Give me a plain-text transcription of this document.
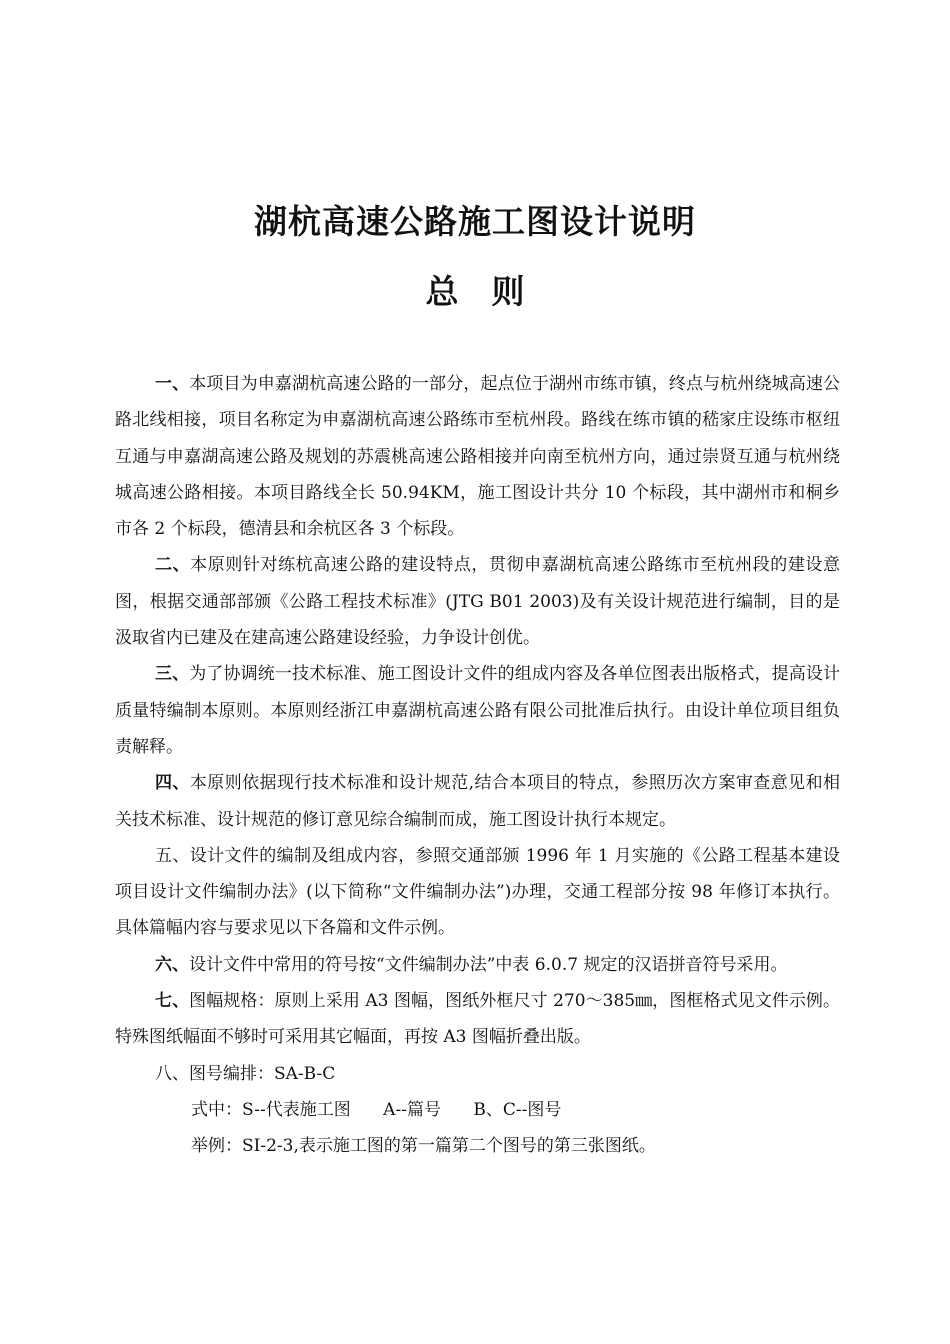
湖杭高速公路施工图设计说明
总　则

一、本项目为申嘉湖杭高速公路的一部分，起点位于湖州市练市镇，终点与杭州绕城高速公路北线相接，项目名称定为申嘉湖杭高速公路练市至杭州段。路线在练市镇的嵇家庄设练市枢纽互通与申嘉湖高速公路及规划的苏震桃高速公路相接并向南至杭州方向，通过崇贤互通与杭州绕城高速公路相接。本项目路线全长 50.94KM，施工图设计共分 10 个标段，其中湖州市和桐乡市各 2 个标段，德清县和余杭区各 3 个标段。

二、本原则针对练杭高速公路的建设特点，贯彻申嘉湖杭高速公路练市至杭州段的建设意图，根据交通部部颁《公路工程技术标准》(JTG B01 2003)及有关设计规范进行编制，目的是汲取省内已建及在建高速公路建设经验，力争设计创优。

三、为了协调统一技术标准、施工图设计文件的组成内容及各单位图表出版格式，提高设计质量特编制本原则。本原则经浙江申嘉湖杭高速公路有限公司批准后执行。由设计单位项目组负责解释。

四、本原则依据现行技术标准和设计规范,结合本项目的特点，参照历次方案审查意见和相关技术标准、设计规范的修订意见综合编制而成，施工图设计执行本规定。

五、设计文件的编制及组成内容，参照交通部颁 1996 年 1 月实施的《公路工程基本建设项目设计文件编制办法》(以下简称“文件编制办法”)办理，交通工程部分按 98 年修订本执行。具体篇幅内容与要求见以下各篇和文件示例。

六、设计文件中常用的符号按“文件编制办法”中表 6.0.7 规定的汉语拼音符号采用。

七、图幅规格：原则上采用 A3 图幅，图纸外框尺寸 270～385㎜，图框格式见文件示例。特殊图纸幅面不够时可采用其它幅面，再按 A3 图幅折叠出版。

八、图号编排：SA-B-C

式中：S--代表施工图      A--篇号      B、C--图号

举例：SⅠ-2-3,表示施工图的第一篇第二个图号的第三张图纸。
